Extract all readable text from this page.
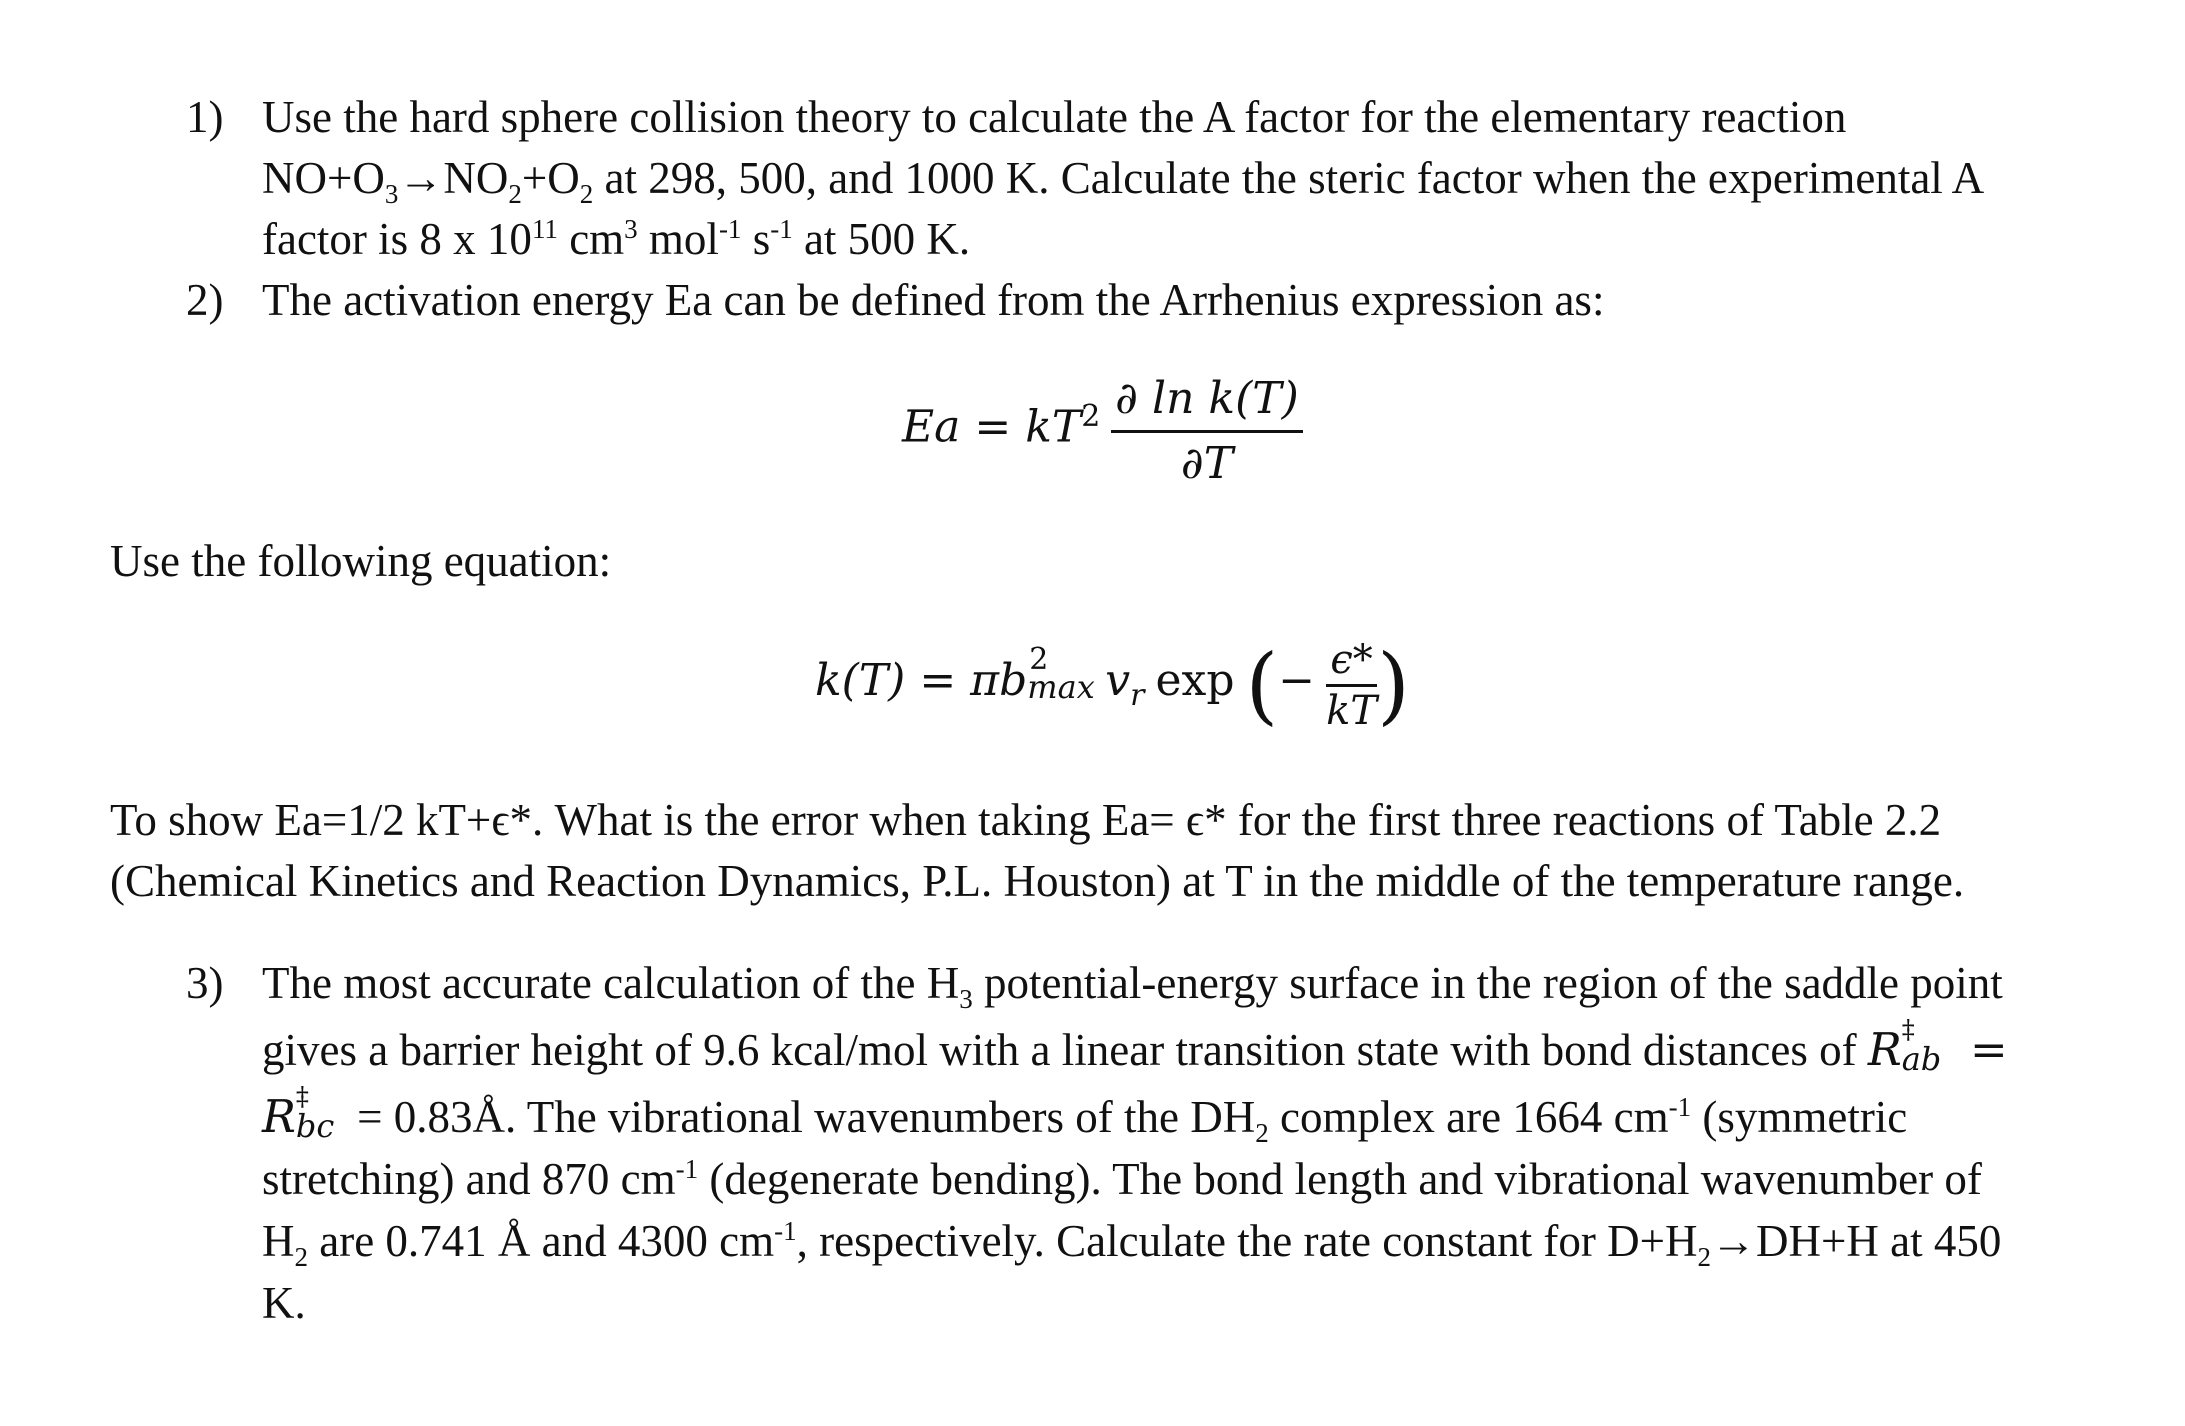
1) Use the hard sphere collision theory to calculate the A factor for the elementary reaction
$NO+O_3\to NO_2+O_2$ at 298, 500, and 1000 K. Calculate the steric factor when the experimental A
factor is 8 x $10^{11}$ $cm^3$ mol$^{-1}$ $s^{-1}$ at 500 K.
2) The activation energy Ea can be defined from the Arrhenius expression as:
$Ea = kT^2 \frac{\text{∂ ln k(T)}}{\partial T}$
Use the following equation:
k(T) = πb 2
$\max v_r$ exp (− $\frac{\epsilon*}{kT}$ )
To show Ea=1/2 kT+ϵ*. What is the error when taking Ea= ϵ* for the first three reactions of Table 2.2
(Chemical Kinetics and Reaction Dynamics, P.L. Houston) at T in the middle of the temperature range.
3) The most accurate calculation of the $H_3$ potential-energy surface in the region of the saddle point
gives a barrier height of 9.6 kcal/mol with a linear transition state with bond distances of R ‡
ab =
R ‡
bc = 0.83Å. The vibrational wavenumbers of the $DH_2$ complex are 1664 $cm^{-1}$ (symmetric
stretching) and 870 $cm^{-1}$ (degenerate bending). The bond length and vibrational wavenumber of
$H_2$ are 0.741 Å and 4300 $cm^{-1}$, respectively. Calculate the rate constant for $D+H_2\to DH+H$ at 450
K.
